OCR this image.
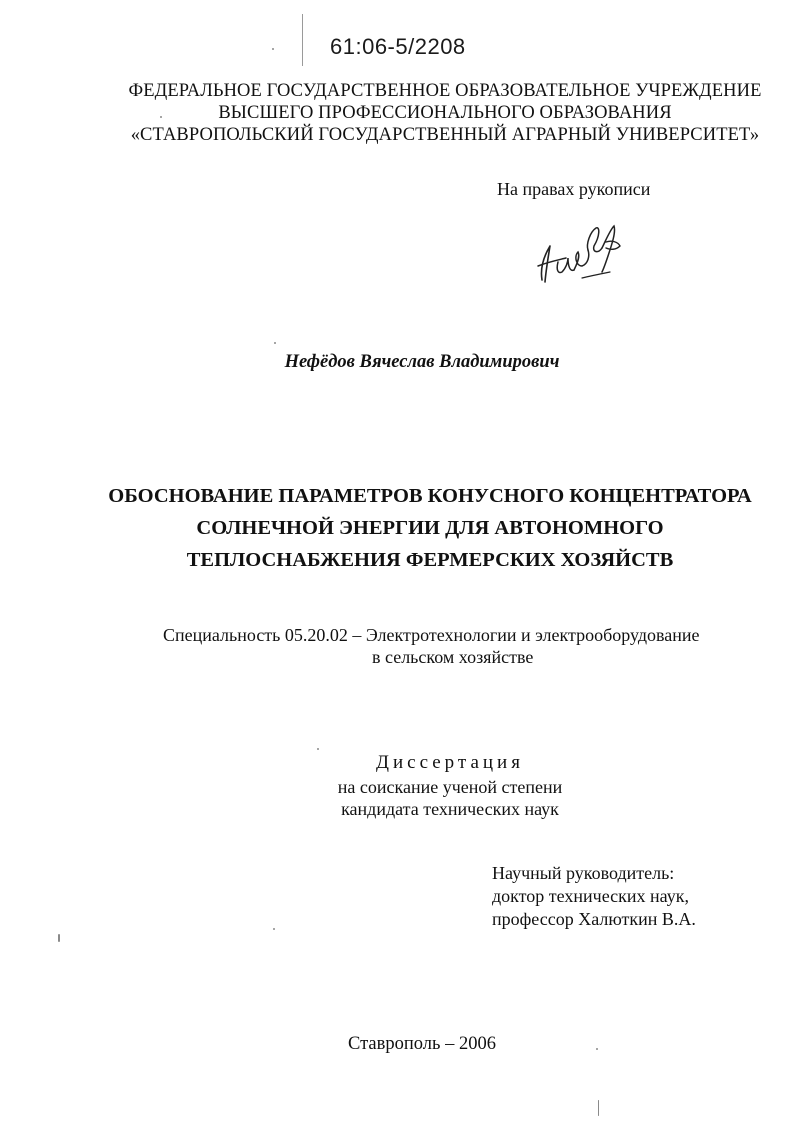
61:06-5/2208
ФЕДЕРАЛЬНОЕ ГОСУДАРСТВЕННОЕ ОБРАЗОВАТЕЛЬНОЕ УЧРЕЖДЕНИЕ
ВЫСШЕГО ПРОФЕССИОНАЛЬНОГО ОБРАЗОВАНИЯ
«СТАВРОПОЛЬСКИЙ ГОСУДАРСТВЕННЫЙ АГРАРНЫЙ УНИВЕРСИТЕТ»
На правах рукописи
Нефёдов Вячеслав Владимирович
ОБОСНОВАНИЕ ПАРАМЕТРОВ КОНУСНОГО КОНЦЕНТРАТОРА
СОЛНЕЧНОЙ ЭНЕРГИИ ДЛЯ АВТОНОМНОГО
ТЕПЛОСНАБЖЕНИЯ ФЕРМЕРСКИХ ХОЗЯЙСТВ
Специальность 05.20.02 – Электротехнологии и электрооборудование
в сельском хозяйстве
Диссертация
на соискание ученой степени
кандидата технических наук
Научный руководитель:
доктор технических наук,
профессор Халюткин В.А.
Ставрополь – 2006
